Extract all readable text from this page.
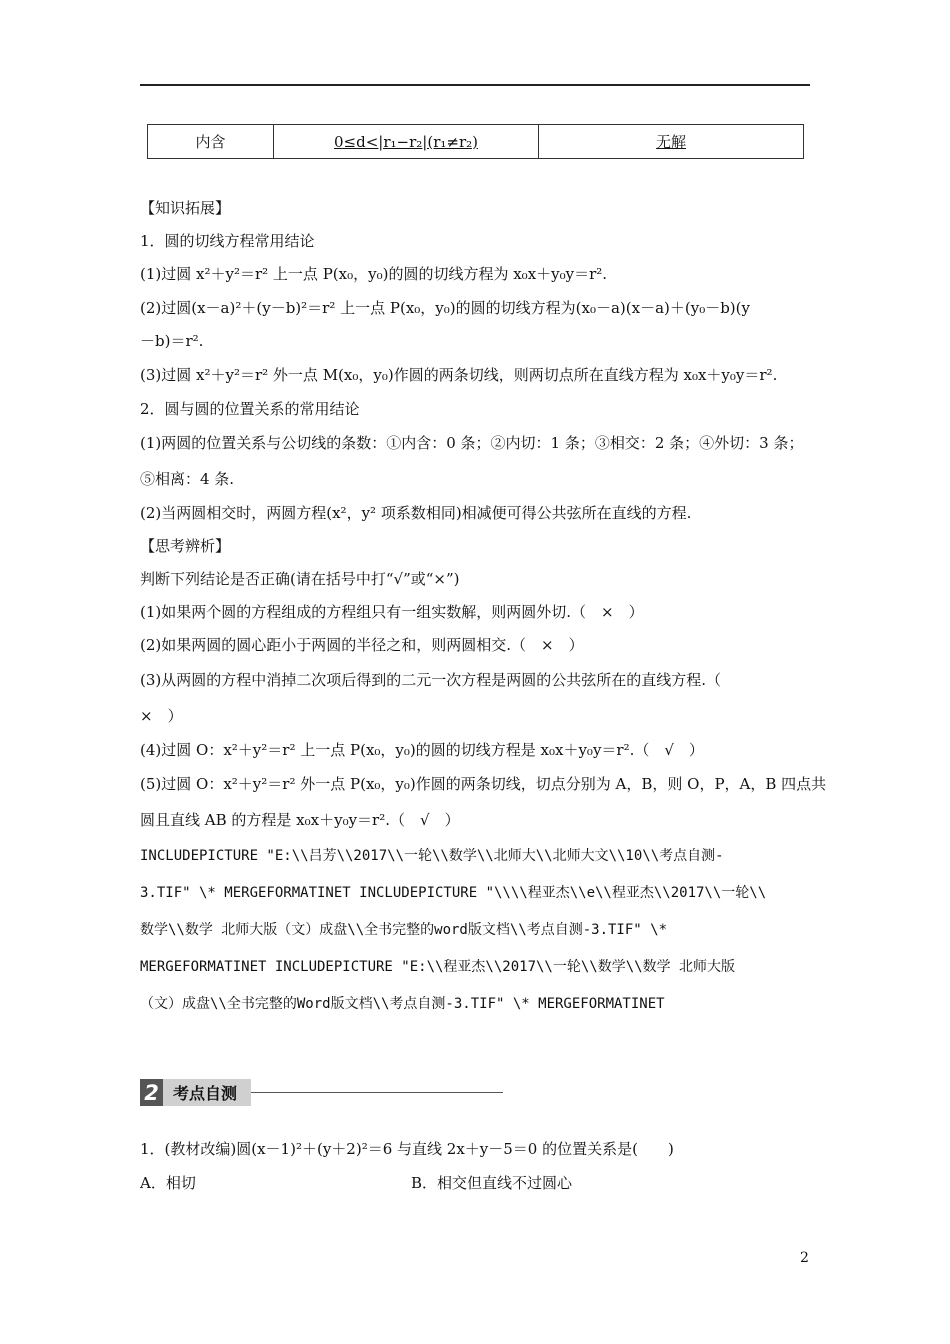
内含	0≤d<|r₁−r₂|(r₁≠r₂)	无解
【知识拓展】
1．圆的切线方程常用结论
(1)过圆 x²＋y²＝r² 上一点 P(x₀，y₀)的圆的切线方程为 x₀x＋y₀y＝r².
(2)过圆(x－a)²＋(y－b)²＝r² 上一点 P(x₀，y₀)的圆的切线方程为(x₀－a)(x－a)＋(y₀－b)(y
－b)＝r².
(3)过圆 x²＋y²＝r² 外一点 M(x₀，y₀)作圆的两条切线，则两切点所在直线方程为 x₀x＋y₀y＝r².
2．圆与圆的位置关系的常用结论
(1)两圆的位置关系与公切线的条数：①内含：0 条；②内切：1 条；③相交：2 条；④外切：3 条；
⑤相离：4 条.
(2)当两圆相交时，两圆方程(x²，y² 项系数相同)相减便可得公共弦所在直线的方程.
【思考辨析】
判断下列结论是否正确(请在括号中打“√”或“×”)
(1)如果两个圆的方程组成的方程组只有一组实数解，则两圆外切.（　×　）
(2)如果两圆的圆心距小于两圆的半径之和，则两圆相交.（　×　）
(3)从两圆的方程中消掉二次项后得到的二元一次方程是两圆的公共弦所在的直线方程.（
×　）
(4)过圆 O：x²＋y²＝r² 上一点 P(x₀，y₀)的圆的切线方程是 x₀x＋y₀y＝r².（　√　）
(5)过圆 O：x²＋y²＝r² 外一点 P(x₀，y₀)作圆的两条切线，切点分别为 A，B，则 O，P，A，B 四点共
圆且直线 AB 的方程是 x₀x＋y₀y＝r².（　√　）
INCLUDEPICTURE "E:\\吕芳\\2017\\一轮\\数学\\北师大\\北师大文\\10\\考点自测-
3.TIF" \* MERGEFORMATINET INCLUDEPICTURE "\\\\程亚杰\\e\\程亚杰\\2017\\一轮\\
数学\\数学 北师大版（文）成盘\\全书完整的word版文档\\考点自测-3.TIF" \*
MERGEFORMATINET INCLUDEPICTURE "E:\\程亚杰\\2017\\一轮\\数学\\数学 北师大版
（文）成盘\\全书完整的Word版文档\\考点自测-3.TIF" \* MERGEFORMATINET
2 考点自测
1．(教材改编)圆(x－1)²＋(y＋2)²＝6 与直线 2x＋y－5＝0 的位置关系是(　　)
A．相切	B．相交但直线不过圆心
2
